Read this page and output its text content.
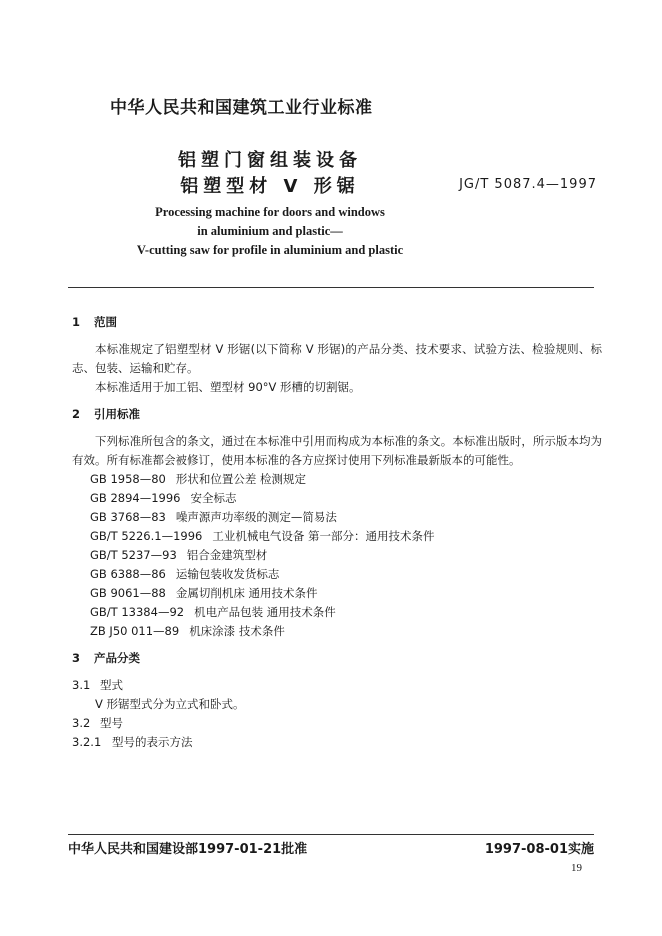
中华人民共和国建筑工业行业标准
铝塑门窗组装设备
铝塑型材 V 形锯	JG/T 5087.4—1997
Processing machine for doors and windows
in aluminium and plastic—
V-cutting saw for profile in aluminium and plastic
1 范围

本标准规定了铝塑型材 V 形锯(以下简称 V 形锯)的产品分类、技术要求、试验方法、检验规则、标志、包装、运输和贮存。

本标准适用于加工铝、塑型材 90°V 形槽的切割锯。

2 引用标准

下列标准所包含的条文，通过在本标准中引用而构成为本标准的条文。本标准出版时，所示版本均为有效。所有标准都会被修订，使用本标准的各方应探讨使用下列标准最新版本的可能性。

GB 1958—80 形状和位置公差 检测规定
GB 2894—1996 安全标志
GB 3768—83 噪声源声功率级的测定—简易法
GB/T 5226.1—1996 工业机械电气设备 第一部分：通用技术条件
GB/T 5237—93 铝合金建筑型材
GB 6388—86 运输包装收发货标志
GB 9061—88 金属切削机床 通用技术条件
GB/T 13384—92 机电产品包装 通用技术条件
ZB J50 011—89 机床涂漆 技术条件
3 产品分类
3.1 型式

V 形锯型式分为立式和卧式。

3.2 型号
3.2.1 型号的表示方法
中华人民共和国建设部1997-01-21批准	1997-08-01实施
19
